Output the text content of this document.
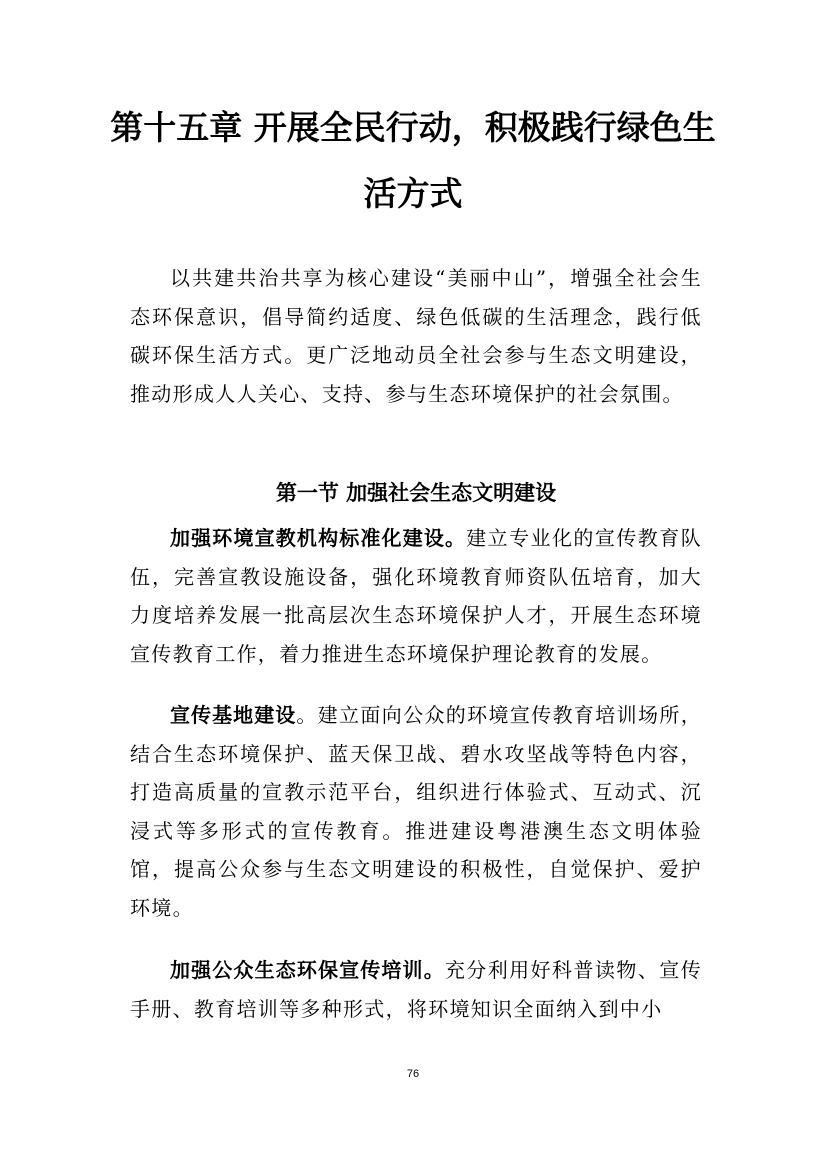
第十五章 开展全民行动，积极践行绿色生活方式

以共建共治共享为核心建设“美丽中山”，增强全社会生态环保意识，倡导简约适度、绿色低碳的生活理念，践行低碳环保生活方式。更广泛地动员全社会参与生态文明建设，推动形成人人关心、支持、参与生态环境保护的社会氛围。

第一节 加强社会生态文明建设

加强环境宣教机构标准化建设。建立专业化的宣传教育队伍，完善宣教设施设备，强化环境教育师资队伍培育，加大力度培养发展一批高层次生态环境保护人才，开展生态环境宣传教育工作，着力推进生态环境保护理论教育的发展。

宣传基地建设。建立面向公众的环境宣传教育培训场所，结合生态环境保护、蓝天保卫战、碧水攻坚战等特色内容，打造高质量的宣教示范平台，组织进行体验式、互动式、沉浸式等多形式的宣传教育。推进建设粤港澳生态文明体验馆，提高公众参与生态文明建设的积极性，自觉保护、爱护环境。

加强公众生态环保宣传培训。充分利用好科普读物、宣传手册、教育培训等多种形式，将环境知识全面纳入到中小

76
